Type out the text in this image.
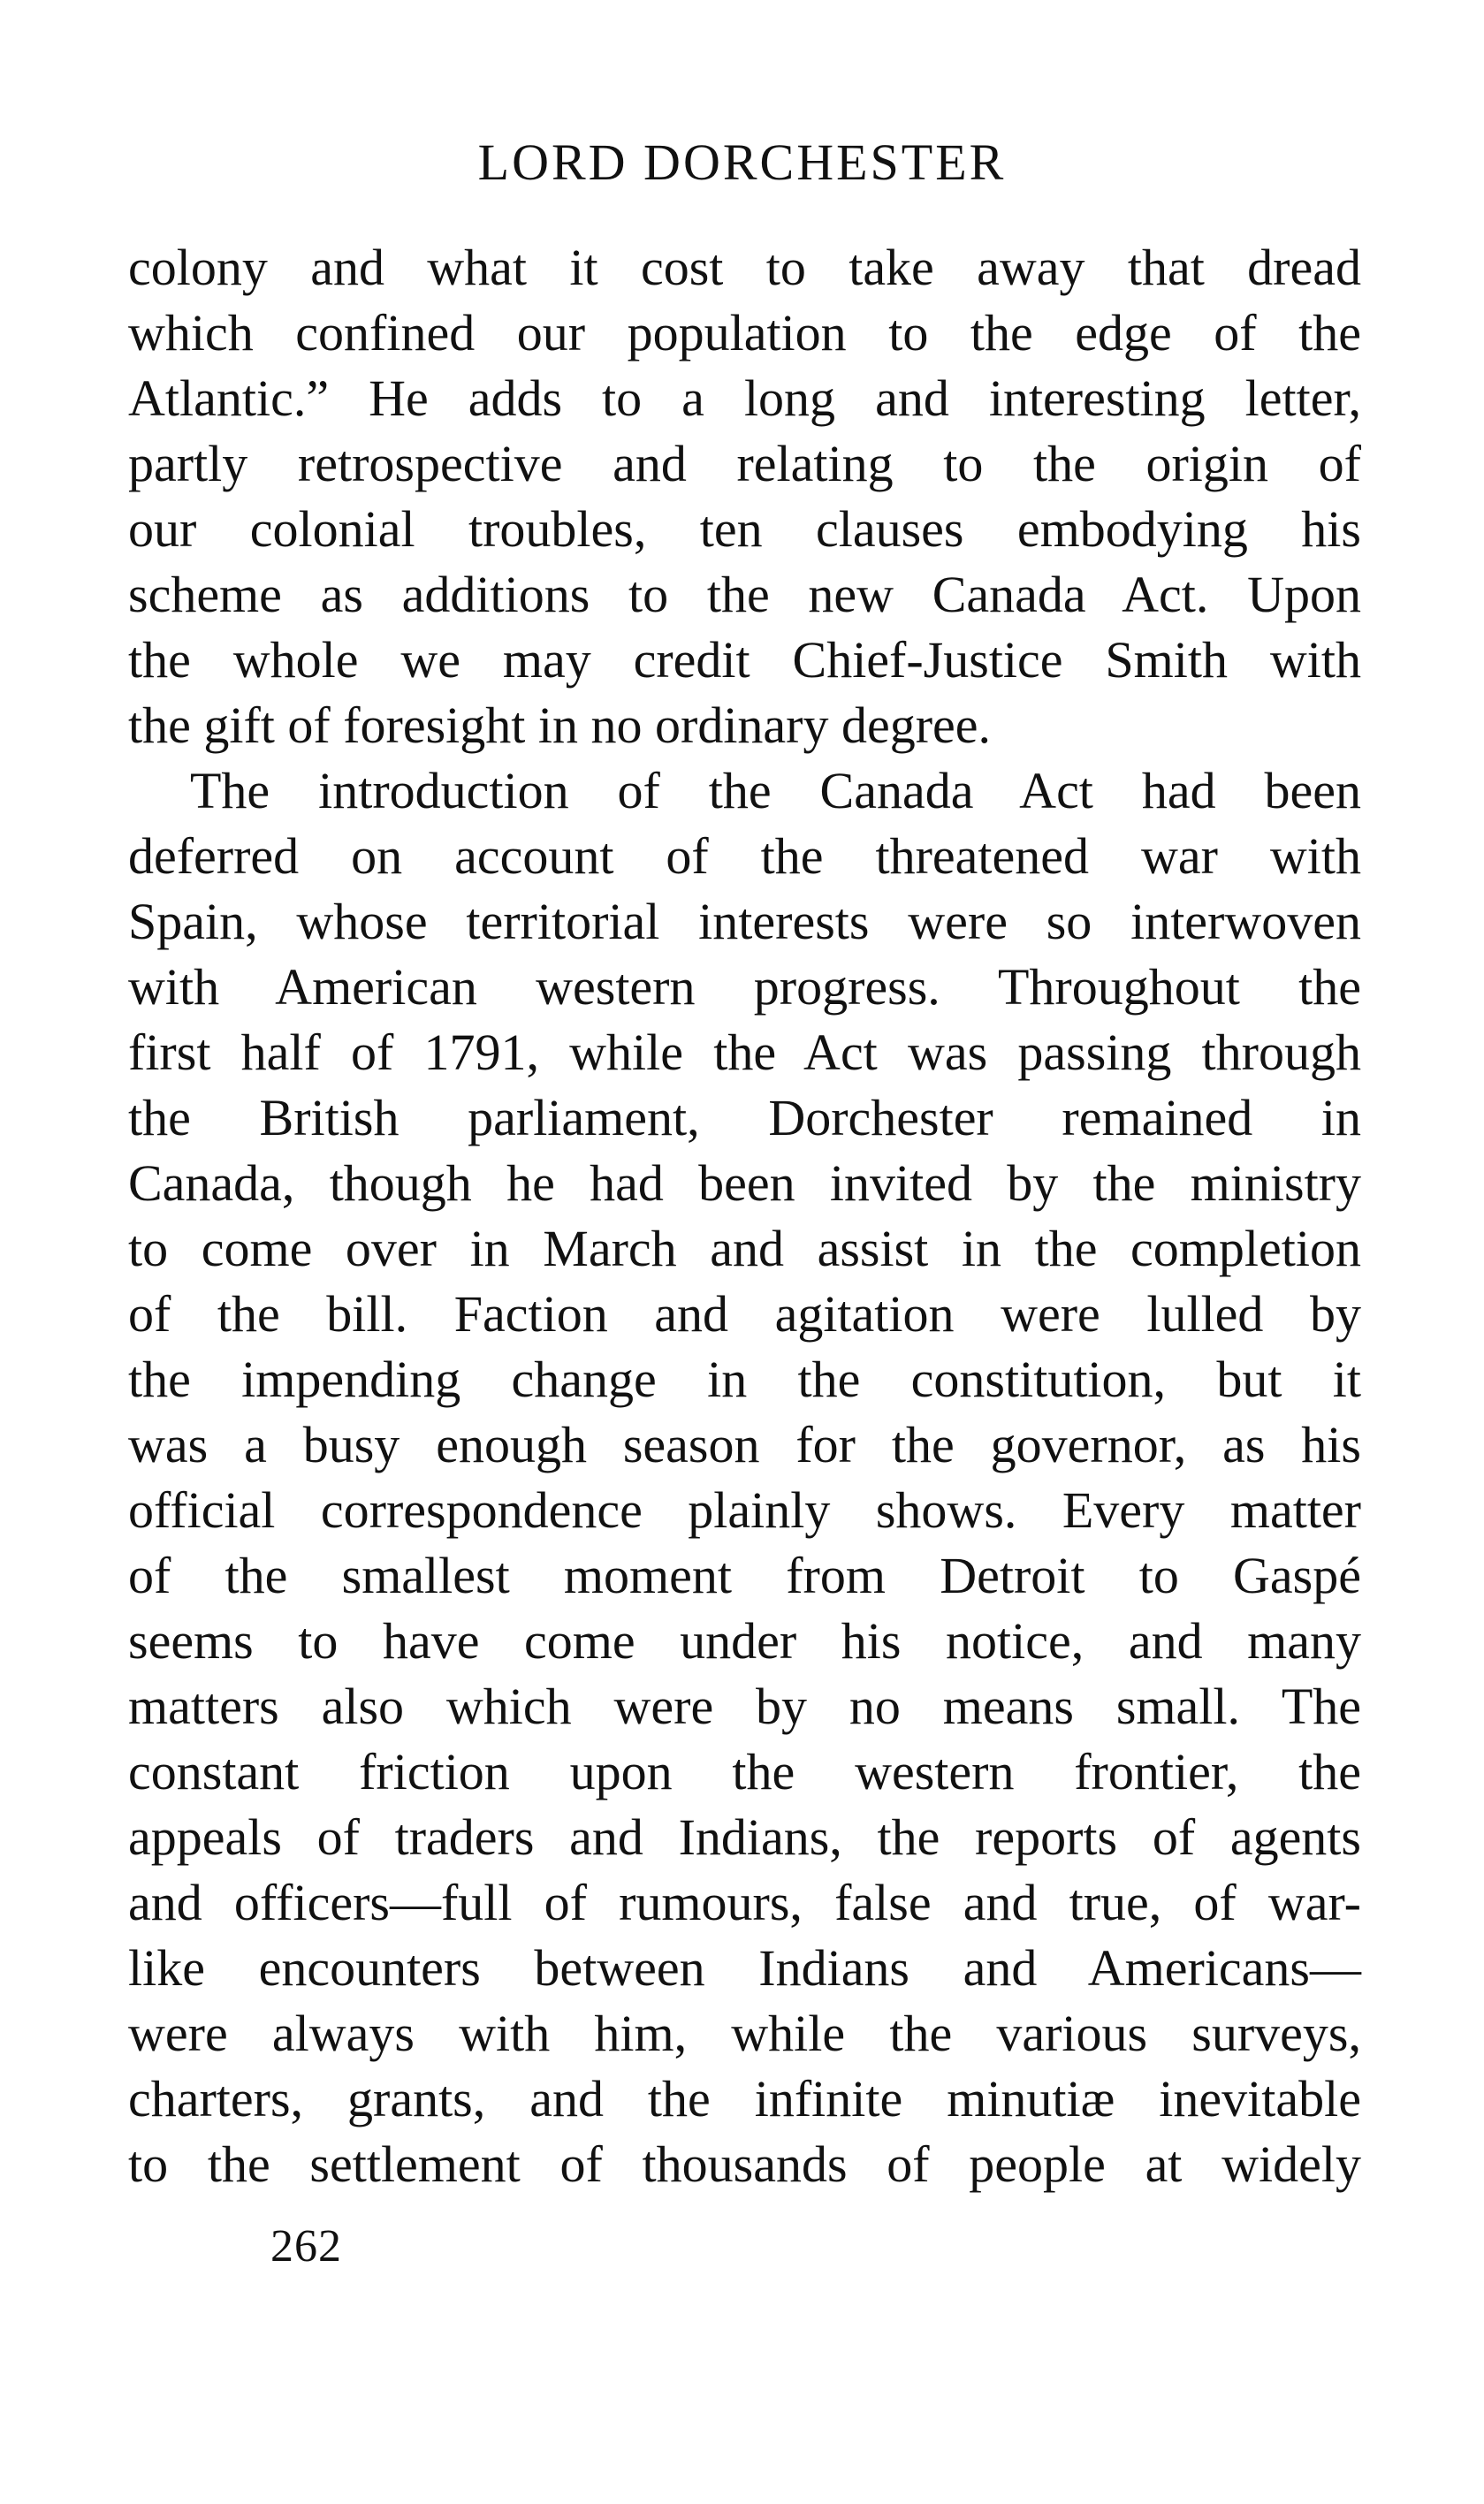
LORD DORCHESTER
colony and what it cost to take away that dread
which confined our population to the edge of the
Atlantic.” He adds to a long and interesting letter,
partly retrospective and relating to the origin of
our colonial troubles, ten clauses embodying his
scheme as additions to the new Canada Act. Upon
the whole we may credit Chief-Justice Smith with
the gift of foresight in no ordinary degree.
The introduction of the Canada Act had been
deferred on account of the threatened war with
Spain, whose territorial interests were so interwoven
with American western progress. Throughout the
first half of 1791, while the Act was passing through
the British parliament, Dorchester remained in
Canada, though he had been invited by the ministry
to come over in March and assist in the completion
of the bill. Faction and agitation were lulled by
the impending change in the constitution, but it
was a busy enough season for the governor, as his
official correspondence plainly shows. Every matter
of the smallest moment from Detroit to Gaspé
seems to have come under his notice, and many
matters also which were by no means small. The
constant friction upon the western frontier, the
appeals of traders and Indians, the reports of agents
and officers—full of rumours, false and true, of war-
like encounters between Indians and Americans—
were always with him, while the various surveys,
charters, grants, and the infinite minutiæ inevitable
to the settlement of thousands of people at widely
262
